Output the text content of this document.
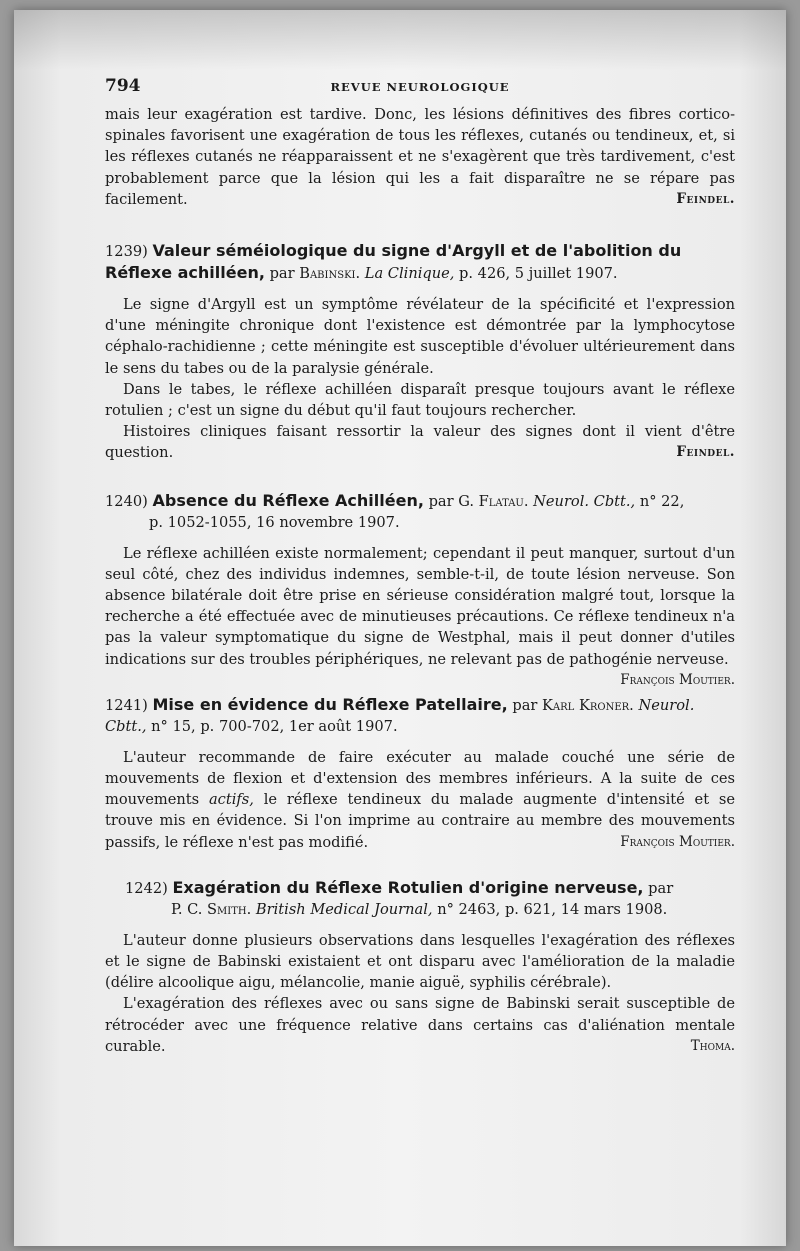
794	REVUE NEUROLOGIQUE

mais leur exagération est tardive. Donc, les lésions définitives des fibres cortico-spinales favorisent une exagération de tous les réflexes, cutanés ou tendineux, et, si les réflexes cutanés ne réapparaissent et ne s'exagèrent que très tardivement, c'est probablement parce que la lésion qui les a fait disparaître ne se répare pas facilement.	Feindel.

1239) Valeur séméiologique du signe d'Argyll et de l'abolition du Réflexe achilléen, par Babinski. La Clinique, p. 426, 5 juillet 1907.

Le signe d'Argyll est un symptôme révélateur de la spécificité et l'expression d'une méningite chronique dont l'existence est démontrée par la lymphocytose céphalo-rachidienne ; cette méningite est susceptible d'évoluer ultérieurement dans le sens du tabes ou de la paralysie générale.

Dans le tabes, le réflexe achilléen disparaît presque toujours avant le réflexe rotulien ; c'est un signe du début qu'il faut toujours rechercher.

Histoires cliniques faisant ressortir la valeur des signes dont il vient d'être question.	Feindel.

1240) Absence du Réflexe Achilléen, par G. Flatau. Neurol. Cbtt., n° 22,
p. 1052-1055, 16 novembre 1907.

Le réflexe achilléen existe normalement; cependant il peut manquer, surtout d'un seul côté, chez des individus indemnes, semble-t-il, de toute lésion nerveuse. Son absence bilatérale doit être prise en sérieuse considération malgré tout, lorsque la recherche a été effectuée avec de minutieuses précautions. Ce réflexe tendineux n'a pas la valeur symptomatique du signe de Westphal, mais il peut donner d'utiles indications sur des troubles périphériques, ne relevant pas de pathogénie nerveuse.
François Moutier.

1241) Mise en évidence du Réflexe Patellaire, par Karl Kroner. Neurol. Cbtt., n° 15, p. 700-702, 1er août 1907.

L'auteur recommande de faire exécuter au malade couché une série de mouvements de flexion et d'extension des membres inférieurs. A la suite de ces mouvements actifs, le réflexe tendineux du malade augmente d'intensité et se trouve mis en évidence. Si l'on imprime au contraire au membre des mouvements passifs, le réflexe n'est pas modifié.	François Moutier.

1242) Exagération du Réflexe Rotulien d'origine nerveuse, par
P. C. Smith. British Medical Journal, n° 2463, p. 621, 14 mars 1908.

L'auteur donne plusieurs observations dans lesquelles l'exagération des réflexes et le signe de Babinski existaient et ont disparu avec l'amélioration de la maladie (délire alcoolique aigu, mélancolie, manie aiguë, syphilis cérébrale).

L'exagération des réflexes avec ou sans signe de Babinski serait susceptible de rétrocéder avec une fréquence relative dans certains cas d'aliénation mentale curable.	Thoma.
